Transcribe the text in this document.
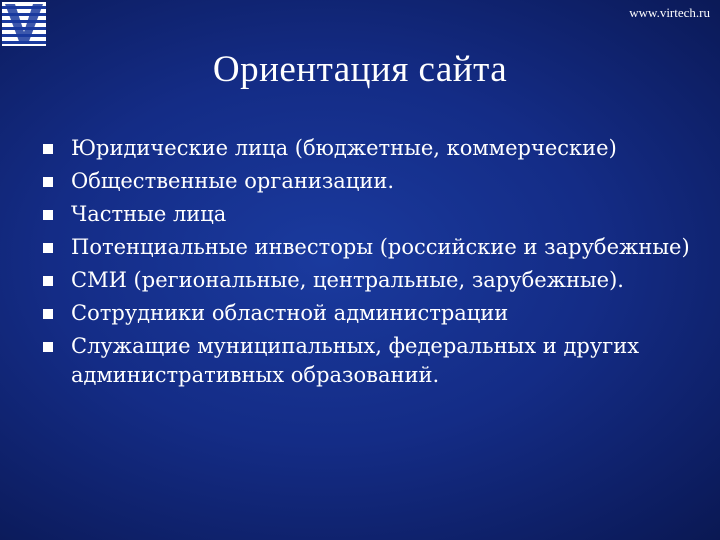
www.virtech.ru
Ориентация сайта
Юридические лица (бюджетные, коммерческие)
Общественные организации.
Частные лица
Потенциальные инвесторы (российские и зарубежные)
СМИ (региональные, центральные, зарубежные).
Сотрудники областной администрации
Служащие муниципальных, федеральных и других административных образований.
